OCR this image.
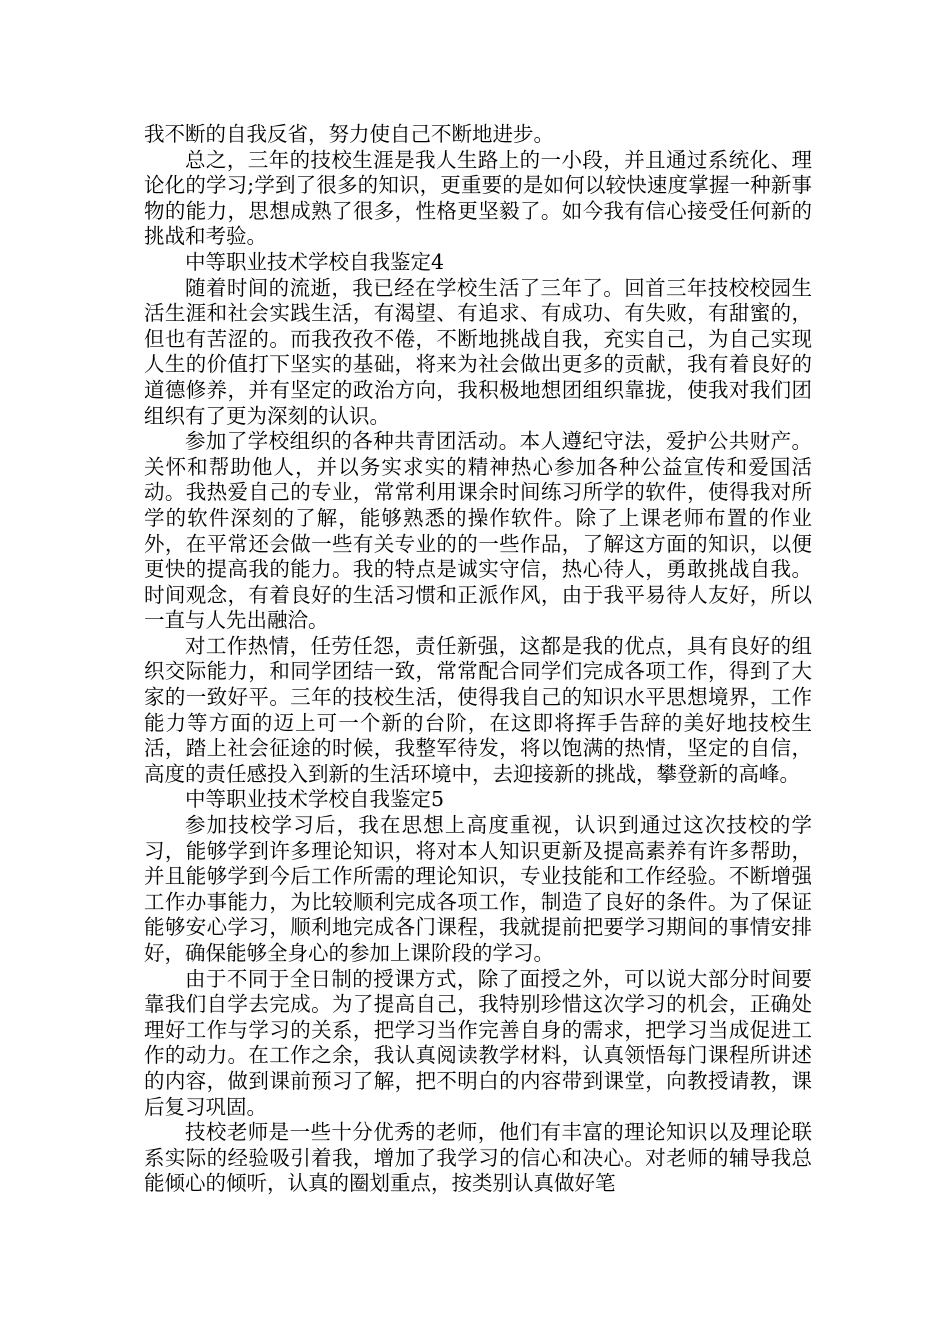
我不断的自我反省，努力使自己不断地进步。

总之，三年的技校生涯是我人生路上的一小段，并且通过系统化、理论化的学习;学到了很多的知识，更重要的是如何以较快速度掌握一种新事物的能力，思想成熟了很多，性格更坚毅了。如今我有信心接受任何新的挑战和考验。

中等职业技术学校自我鉴定4

随着时间的流逝，我已经在学校生活了三年了。回首三年技校校园生活生涯和社会实践生活，有渴望、有追求、有成功、有失败，有甜蜜的，但也有苦涩的。而我孜孜不倦，不断地挑战自我，充实自己，为自己实现人生的价值打下坚实的基础，将来为社会做出更多的贡献，我有着良好的道德修养，并有坚定的政治方向，我积极地想团组织靠拢，使我对我们团组织有了更为深刻的认识。

参加了学校组织的各种共青团活动。本人遵纪守法，爱护公共财产。关怀和帮助他人，并以务实求实的精神热心参加各种公益宣传和爱国活动。我热爱自己的专业，常常利用课余时间练习所学的软件，使得我对所学的软件深刻的了解，能够熟悉的操作软件。除了上课老师布置的作业外，在平常还会做一些有关专业的的一些作品，了解这方面的知识，以便更快的提高我的能力。我的特点是诚实守信，热心待人，勇敢挑战自我。时间观念，有着良好的生活习惯和正派作风，由于我平易待人友好，所以一直与人先出融洽。

对工作热情，任劳任怨，责任新强，这都是我的优点，具有良好的组织交际能力，和同学团结一致，常常配合同学们完成各项工作，得到了大家的一致好平。三年的技校生活，使得我自己的知识水平思想境界，工作能力等方面的迈上可一个新的台阶，在这即将挥手告辞的美好地技校生活，踏上社会征途的时候，我整军待发，将以饱满的热情，坚定的自信，高度的责任感投入到新的生活环境中，去迎接新的挑战，攀登新的高峰。

中等职业技术学校自我鉴定5

参加技校学习后，我在思想上高度重视，认识到通过这次技校的学习，能够学到许多理论知识，将对本人知识更新及提高素养有许多帮助，并且能够学到今后工作所需的理论知识，专业技能和工作经验。不断增强工作办事能力，为比较顺利完成各项工作，制造了良好的条件。为了保证能够安心学习，顺利地完成各门课程，我就提前把要学习期间的事情安排好，确保能够全身心的参加上课阶段的学习。

由于不同于全日制的授课方式，除了面授之外，可以说大部分时间要靠我们自学去完成。为了提高自己，我特别珍惜这次学习的机会，正确处理好工作与学习的关系，把学习当作完善自身的需求，把学习当成促进工作的动力。在工作之余，我认真阅读教学材料，认真领悟每门课程所讲述的内容，做到课前预习了解，把不明白的内容带到课堂，向教授请教，课后复习巩固。

技校老师是一些十分优秀的老师，他们有丰富的理论知识以及理论联系实际的经验吸引着我，增加了我学习的信心和决心。对老师的辅导我总能倾心的倾听，认真的圈划重点，按类别认真做好笔
